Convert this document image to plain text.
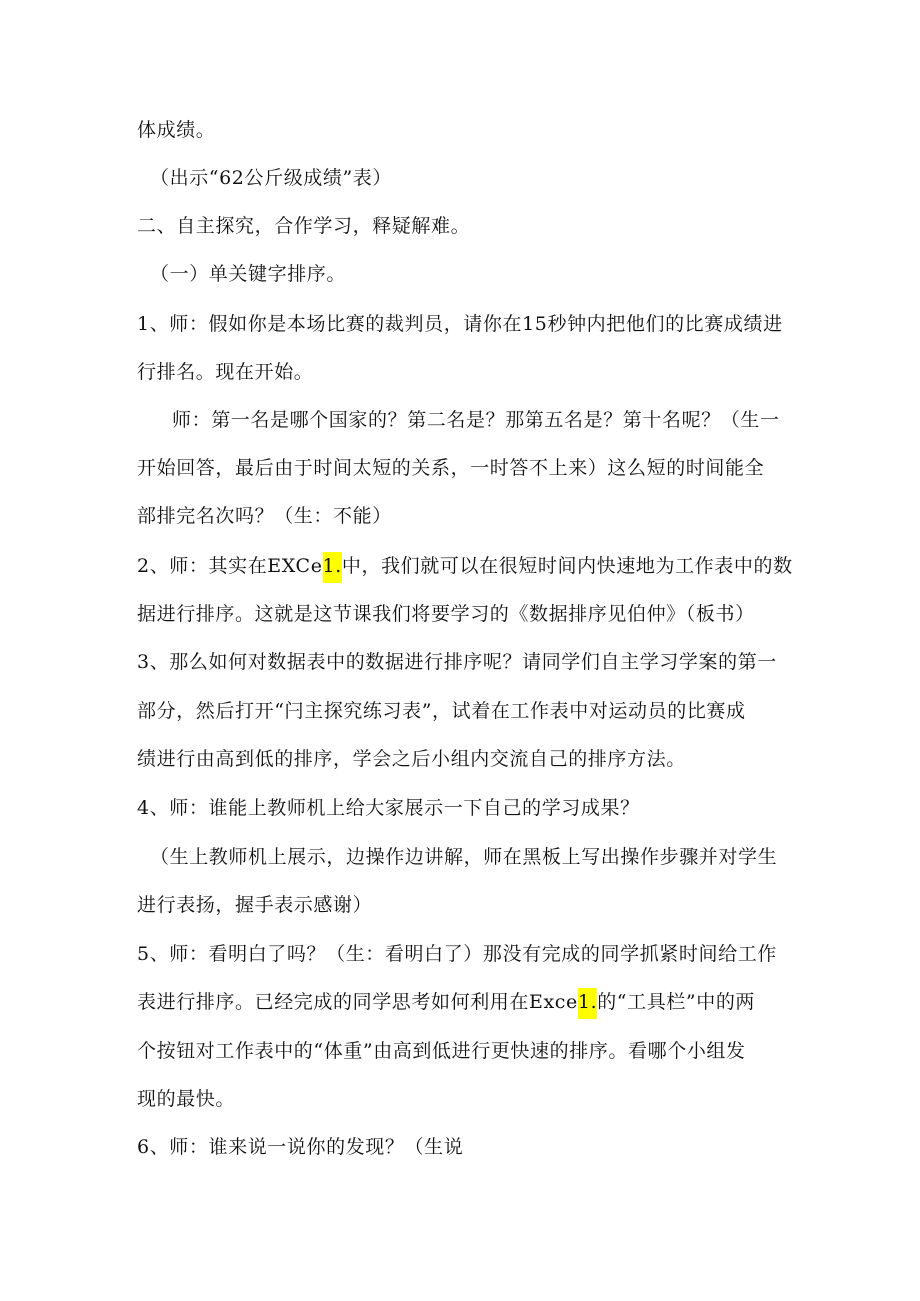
体成绩。
（出示“62公斤级成绩”表）
二、自主探究，合作学习，释疑解难。
（一）单关键字排序。
1、师：假如你是本场比赛的裁判员，请你在15秒钟内把他们的比赛成绩进
行排名。现在开始。
师：第一名是哪个国家的？第二名是？那第五名是？第十名呢？（生一
开始回答，最后由于时间太短的关系，一时答不上来）这么短的时间能全
部排完名次吗？（生：不能）
2、师：其实在EXCe1.中，我们就可以在很短时间内快速地为工作表中的数
据进行排序。这就是这节课我们将要学习的《数据排序见伯仲》（板书）
3、那么如何对数据表中的数据进行排序呢？请同学们自主学习学案的第一
部分，然后打开“闩主探究练习表”，试着在工作表中对运动员的比赛成
绩进行由高到低的排序，学会之后小组内交流自己的排序方法。
4、师：谁能上教师机上给大家展示一下自己的学习成果？
（生上教师机上展示，边操作边讲解，师在黑板上写出操作步骤并对学生
进行表扬，握手表示感谢）
5、师：看明白了吗？（生：看明白了）那没有完成的同学抓紧时间给工作
表进行排序。已经完成的同学思考如何利用在Exce1.的“工具栏”中的两
个按钮对工作表中的“体重”由高到低进行更快速的排序。看哪个小组发
现的最快。
6、师：谁来说一说你的发现？（生说
